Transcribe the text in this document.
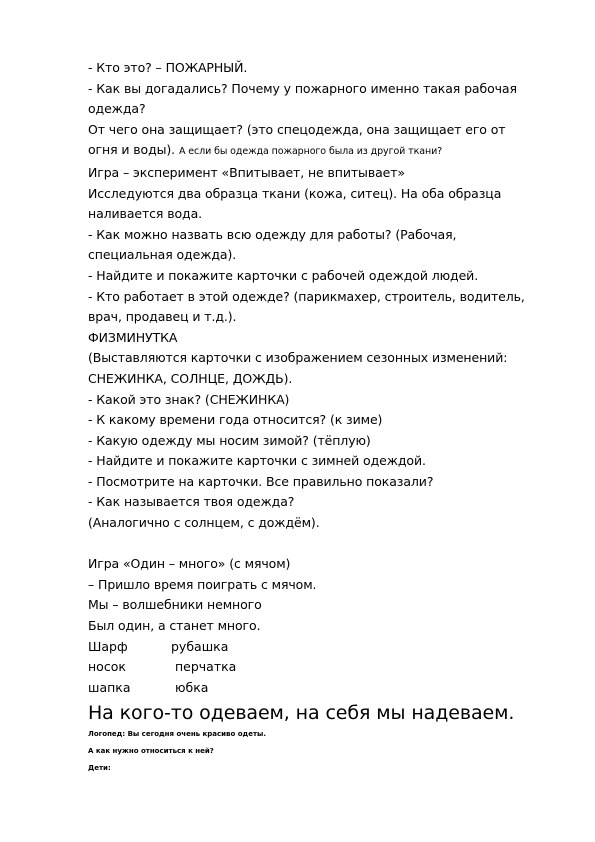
- Кто это? – ПОЖАРНЫЙ.
- Как вы догадались? Почему у пожарного именно такая рабочая
одежда?
От чего она защищает? (это спецодежда, она защищает его от
огня и воды). А если бы одежда пожарного была из другой ткани?
Игра – эксперимент «Впитывает, не впитывает»
Исследуются два образца ткани (кожа, ситец). На оба образца
наливается вода.
- Как можно назвать всю одежду для работы? (Рабочая,
специальная одежда).
- Найдите и покажите карточки с рабочей одеждой людей.
- Кто работает в этой одежде? (парикмахер, строитель, водитель,
врач, продавец и т.д.).
ФИЗМИНУТКА
(Выставляются карточки с изображением сезонных изменений:
СНЕЖИНКА, СОЛНЦЕ, ДОЖДЬ).
- Какой это знак? (СНЕЖИНКА)
- К какому времени года относится? (к зиме)
- Какую одежду мы носим зимой? (тёплую)
- Найдите и покажите карточки с зимней одеждой.
- Посмотрите на карточки. Все правильно показали?
- Как называется твоя одежда?
(Аналогично с солнцем, с дождём).
Игра «Один – много» (с мячом)
– Пришло время поиграть с мячом.
Мы – волшебники немного
Был один, а станет много.
Шарф	рубашка
носок	перчатка
шапка	юбка
На кого-то одеваем, на себя мы надеваем.
Логопед: Вы сегодня очень красиво одеты.
А как нужно относиться к ней?
Дети:
